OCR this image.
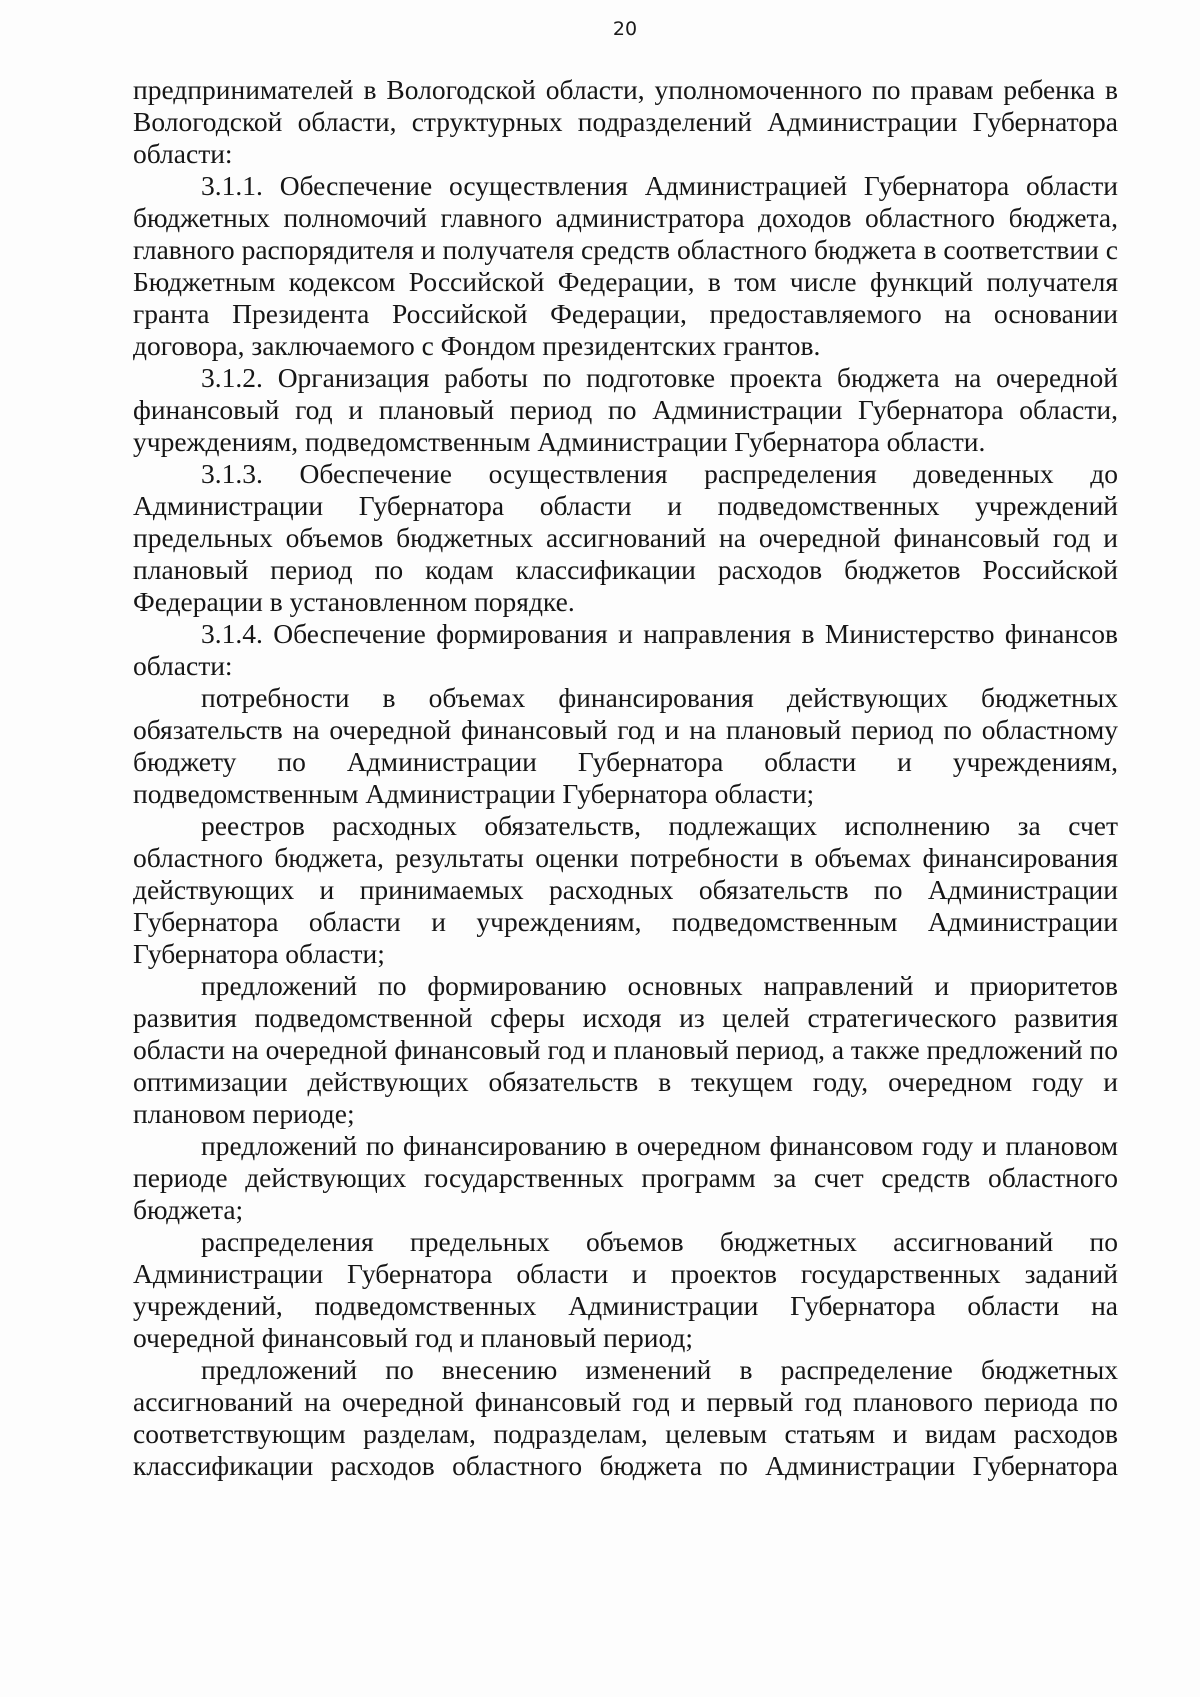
20

предпринимателей в Вологодской области, уполномоченного по правам ребенка в Вологодской области, структурных подразделений Администрации Губернатора области:

3.1.1. Обеспечение осуществления Администрацией Губернатора области бюджетных полномочий главного администратора доходов областного бюджета, главного распорядителя и получателя средств областного бюджета в соответствии с Бюджетным кодексом Российской Федерации, в том числе функций получателя гранта Президента Российской Федерации, предоставляемого на основании договора, заключаемого с Фондом президентских грантов.

3.1.2. Организация работы по подготовке проекта бюджета на очередной финансовый год и плановый период по Администрации Губернатора области, учреждениям, подведомственным Администрации Губернатора области.

3.1.3. Обеспечение осуществления распределения доведенных до Администрации Губернатора области и подведомственных учреждений предельных объемов бюджетных ассигнований на очередной финансовый год и плановый период по кодам классификации расходов бюджетов Российской Федерации в установленном порядке.

3.1.4. Обеспечение формирования и направления в Министерство финансов области:

потребности в объемах финансирования действующих бюджетных обязательств на очередной финансовый год и на плановый период по областному бюджету по Администрации Губернатора области и учреждениям, подведомственным Администрации Губернатора области;

реестров расходных обязательств, подлежащих исполнению за счет областного бюджета, результаты оценки потребности в объемах финансирования действующих и принимаемых расходных обязательств по Администрации Губернатора области и учреждениям, подведомственным Администрации Губернатора области;

предложений по формированию основных направлений и приоритетов развития подведомственной сферы исходя из целей стратегического развития области на очередной финансовый год и плановый период, а также предложений по оптимизации действующих обязательств в текущем году, очередном году и плановом периоде;

предложений по финансированию в очередном финансовом году и плановом периоде действующих государственных программ за счет средств областного бюджета;

распределения предельных объемов бюджетных ассигнований по Администрации Губернатора области и проектов государственных заданий учреждений, подведомственных Администрации Губернатора области на очередной финансовый год и плановый период;

предложений по внесению изменений в распределение бюджетных ассигнований на очередной финансовый год и первый год планового периода по соответствующим разделам, подразделам, целевым статьям и видам расходов классификации расходов областного бюджета по Администрации Губернатора
